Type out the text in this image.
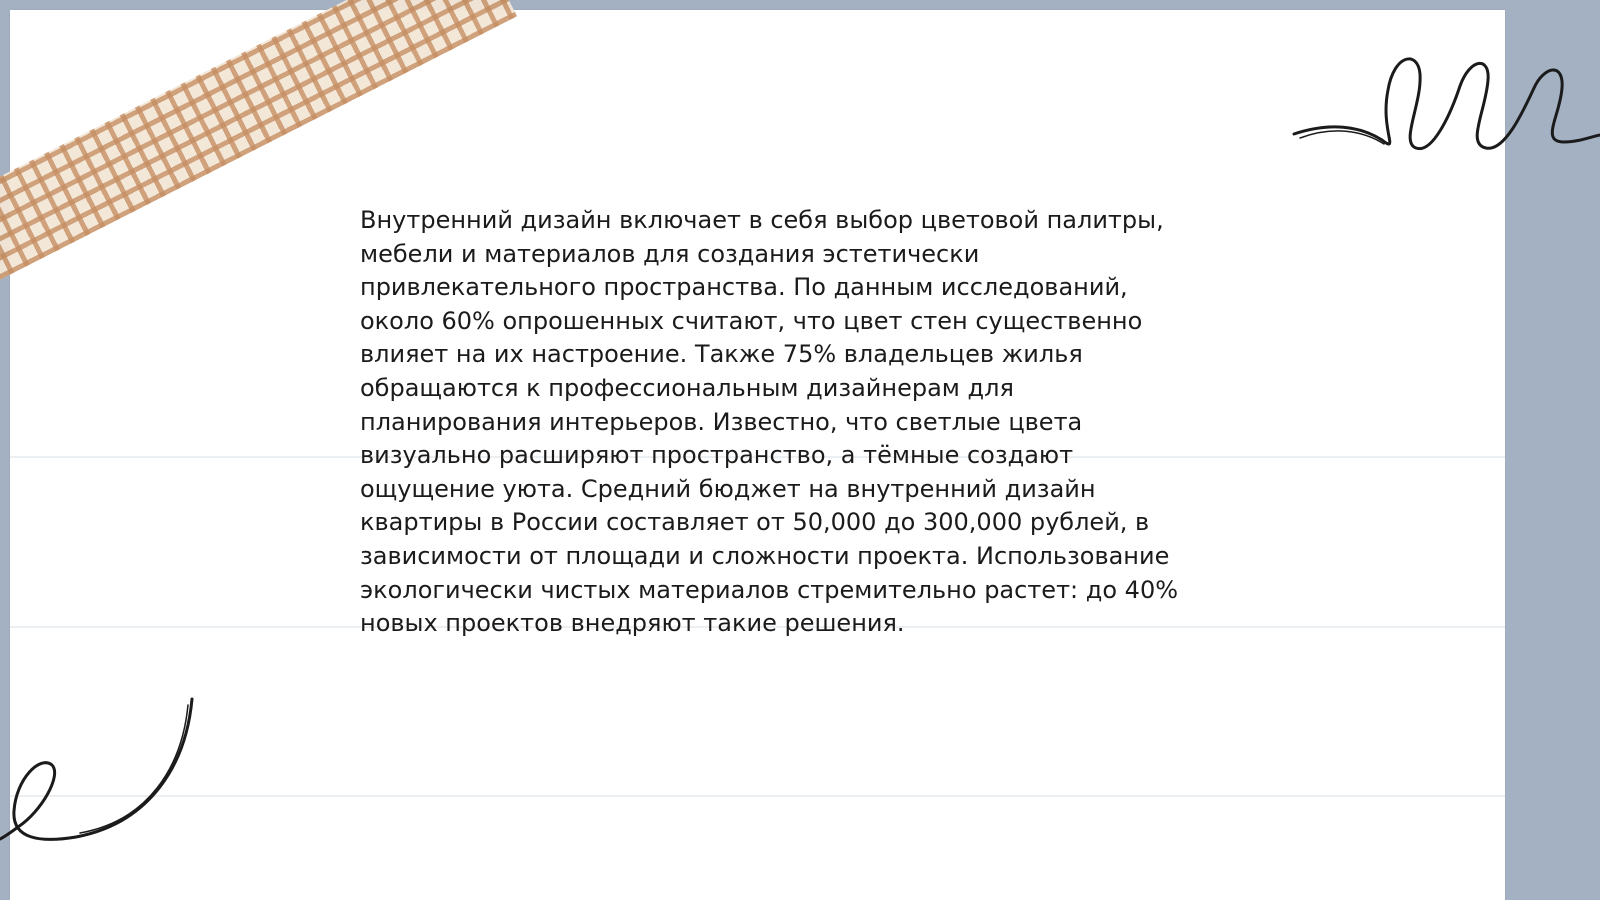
Внутренний дизайн включает в себя выбор цветовой палитры,
мебели и материалов для создания эстетически
привлекательного пространства. По данным исследований,
около 60% опрошенных считают, что цвет стен существенно
влияет на их настроение. Также 75% владельцев жилья
обращаются к профессиональным дизайнерам для
планирования интерьеров. Известно, что светлые цвета
визуально расширяют пространство, а тёмные создают
ощущение уюта. Средний бюджет на внутренний дизайн
квартиры в России составляет от 50,000 до 300,000 рублей, в
зависимости от площади и сложности проекта. Использование
экологически чистых материалов стремительно растет: до 40%
новых проектов внедряют такие решения.
